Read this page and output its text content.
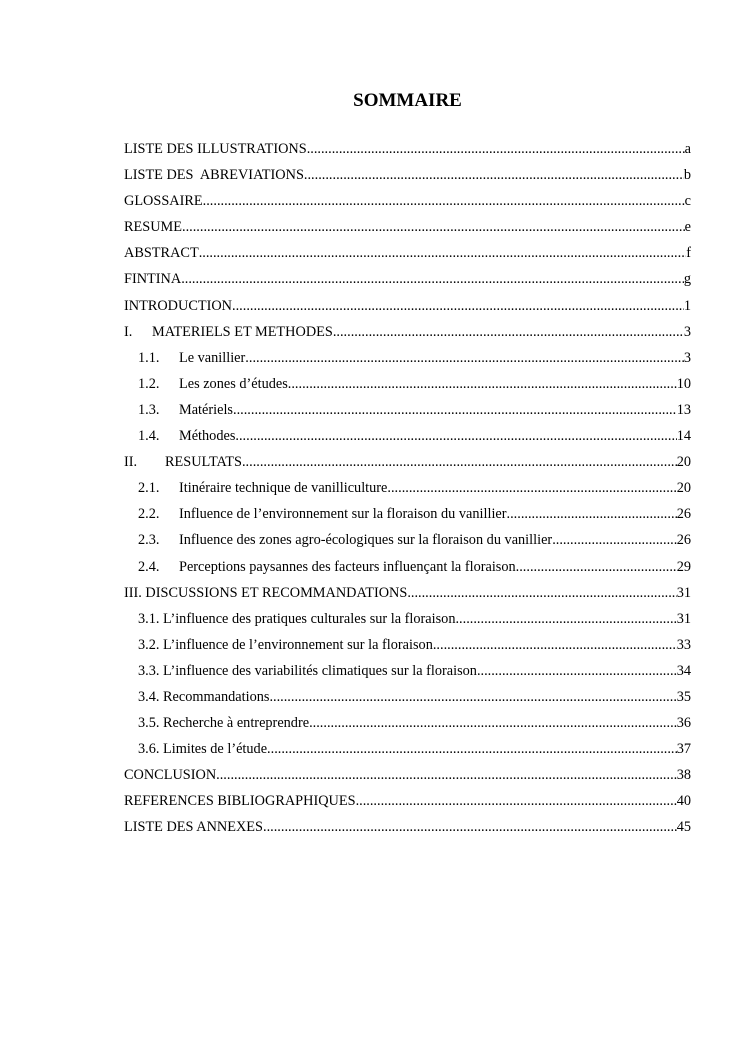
SOMMAIRE
LISTE DES ILLUSTRATIONS .....	a
LISTE DES  ABREVIATIONS .....	b
GLOSSAIRE .....	c
RESUME .....	e
ABSTRACT .....	f
FINTINA .....	g
INTRODUCTION .....	1
I.	MATERIELS ET METHODES .....	3
1.1.	Le vanillier .....	3
1.2.	Les zones d’études .....	10
1.3.	Matériels .....	13
1.4.	Méthodes .....	14
II.	RESULTATS .....	20
2.1.	Itinéraire technique de vanilliculture .....	20
2.2.	Influence de l’environnement sur la floraison du vanillier .....	26
2.3.	Influence des zones agro-écologiques sur la floraison du vanillier .....	26
2.4.	Perceptions paysannes des facteurs influençant la floraison .....	29
III. DISCUSSIONS ET RECOMMANDATIONS .....	31
3.1. L’influence des pratiques culturales sur la floraison .....	31
3.2. L’influence de l’environnement sur la floraison .....	33
3.3. L’influence des variabilités climatiques sur la floraison .....	34
3.4. Recommandations .....	35
3.5. Recherche à entreprendre .....	36
3.6. Limites de l’étude .....	37
CONCLUSION .....	38
REFERENCES BIBLIOGRAPHIQUES .....	40
LISTE DES ANNEXES .....	45
